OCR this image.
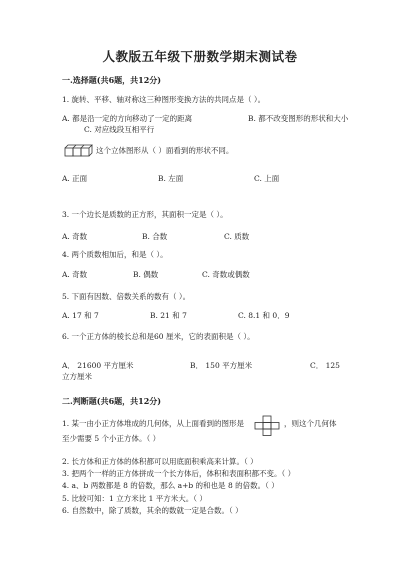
人教版五年级下册数学期末测试卷
一.选择题(共6题，共12分)
1. 旋转、平移、轴对称这三种图形变换方法的共同点是（ ）。
A. 都是沿一定的方向移动了一定的距离	B. 都不改变图形的形状和大小
C. 对应线段互相平行
这个立体图形从（ ）面看到的形状不同。
A. 正面	B. 左面	C. 上面
3. 一个边长是质数的正方形，其面积一定是（ ）。
A. 奇数	B. 合数	C. 质数
4. 两个质数相加后，和是（ ）。
A. 奇数	B. 偶数	C. 奇数或偶数
5. 下面有因数、倍数关系的数有（ ）。
A. 17 和 7	B. 21 和 7	C. 8.1 和 0．9
6. 一个正方体的棱长总和是60 厘米，它的表面积是（ ）。
A． 21600 平方厘米	B． 150 平方厘米	C． 125
立方厘米
二.判断题(共6题，共12分)
1. 某一由小正方体堆成的几何体，从上面看到的图形是	，则这个几何体
至少需要 5 个小正方体。（ ）
2. 长方体和正方体的体积都可以用底面积乘高来计算。（ ）
3. 把两个一样的正方体拼成一个长方体后，体积和表面积都不变。（ ）
4. a、b 两数都是 8 的倍数，那么 a+b 的和也是 8 的倍数。（ ）
5. 比较可知：1 立方米比 1 平方米大。（ ）
6. 自然数中，除了质数，其余的数就一定是合数。（ ）
